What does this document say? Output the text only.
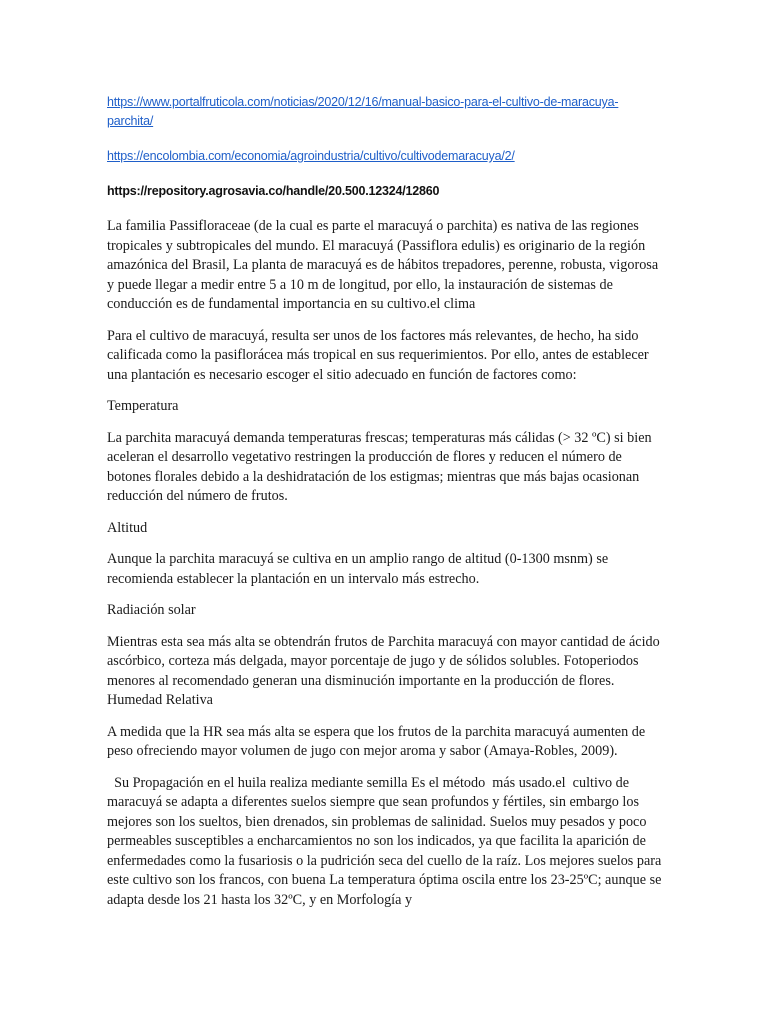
https://www.portalfruticola.com/noticias/2020/12/16/manual-basico-para-el-cultivo-de-maracuya-parchita/
https://encolombia.com/economia/agroindustria/cultivo/cultivodemaracuya/2/
https://repository.agrosavia.co/handle/20.500.12324/12860

La familia Passifloraceae (de la cual es parte el maracuyá o parchita) es nativa de las regiones tropicales y subtropicales del mundo. El maracuyá (Passiflora edulis) es originario de la región amazónica del Brasil, La planta de maracuyá es de hábitos trepadores, perenne, robusta, vigorosa y puede llegar a medir entre 5 a 10 m de longitud, por ello, la instauración de sistemas de conducción es de fundamental importancia en su cultivo.el clima

Para el cultivo de maracuyá, resulta ser unos de los factores más relevantes, de hecho, ha sido calificada como la pasiflorácea más tropical en sus requerimientos. Por ello, antes de establecer una plantación es necesario escoger el sitio adecuado en función de factores como:

Temperatura

La parchita maracuyá demanda temperaturas frescas; temperaturas más cálidas (> 32 ºC) si bien aceleran el desarrollo vegetativo restringen la producción de flores y reducen el número de botones florales debido a la deshidratación de los estigmas; mientras que más bajas ocasionan reducción del número de frutos.

Altitud

Aunque la parchita maracuyá se cultiva en un amplio rango de altitud (0-1300 msnm) se recomienda establecer la plantación en un intervalo más estrecho.

Radiación solar

Mientras esta sea más alta se obtendrán frutos de Parchita maracuyá con mayor cantidad de ácido ascórbico, corteza más delgada, mayor porcentaje de jugo y de sólidos solubles. Fotoperiodos menores al recomendado generan una disminución importante en la producción de flores.

Humedad Relativa

A medida que la HR sea más alta se espera que los frutos de la parchita maracuyá aumenten de peso ofreciendo mayor volumen de jugo con mejor aroma y sabor (Amaya-Robles, 2009).

Su Propagación en el huila realiza mediante semilla Es el método  más usado.el  cultivo de maracuyá se adapta a diferentes suelos siempre que sean profundos y fértiles, sin embargo los mejores son los sueltos, bien drenados, sin problemas de salinidad. Suelos muy pesados y poco permeables susceptibles a encharcamientos no son los indicados, ya que facilita la aparición de enfermedades como la fusariosis o la pudrición seca del cuello de la raíz. Los mejores suelos para este cultivo son los francos, con buena La temperatura óptima oscila entre los 23-25ºC; aunque se adapta desde los 21 hasta los 32ºC, y en Morfología y
